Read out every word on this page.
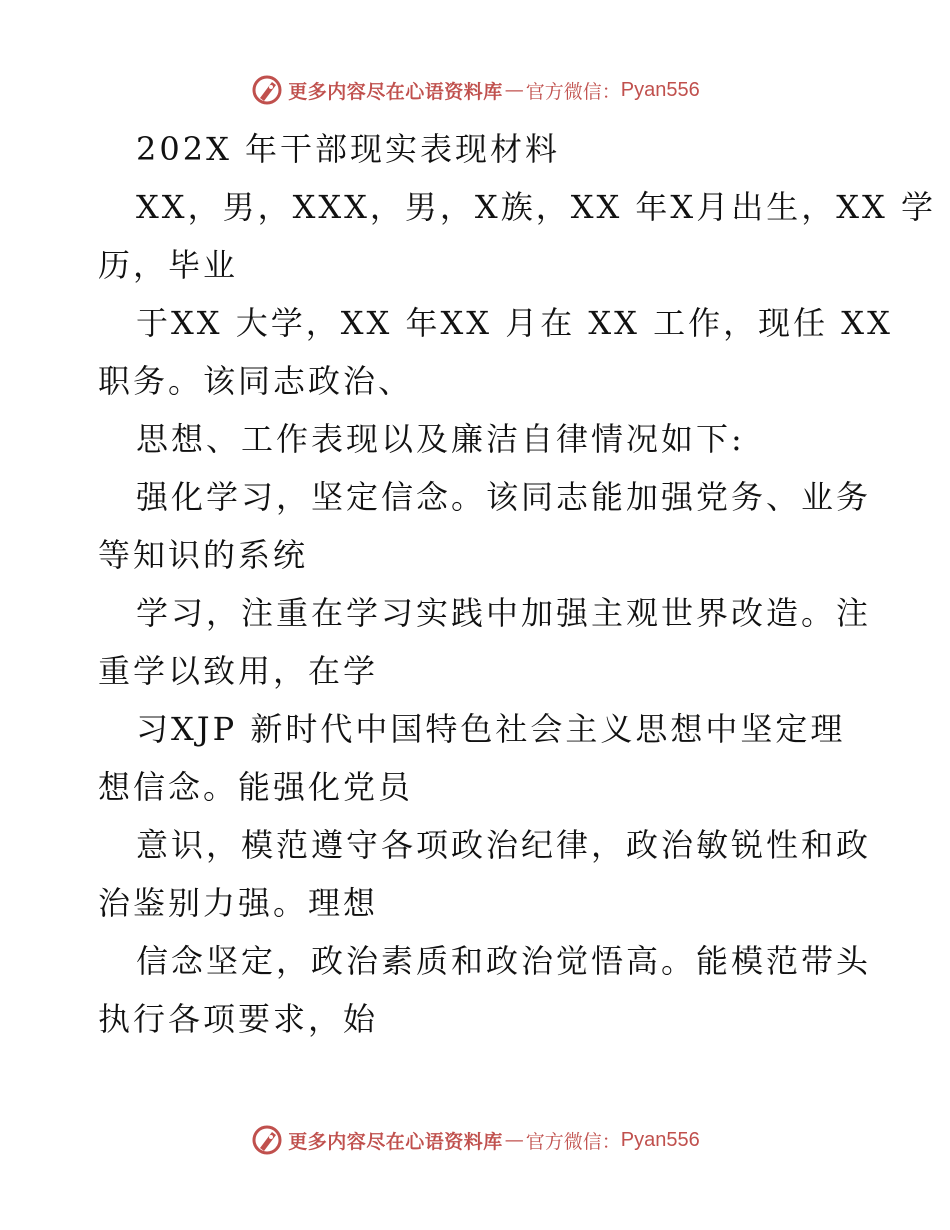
更多内容尽在心语资料库 — 官方微信： Pyan556
202X 年干部现实表现材料
XX，男，XXX，男，X族，XX 年X月出生，XX 学
历，毕业
于XX 大学，XX 年XX 月在 XX 工作，现任 XX
职务。该同志政治、
思想、工作表现以及廉洁自律情况如下:
强化学习，坚定信念。该同志能加强党务、业务
等知识的系统
学习，注重在学习实践中加强主观世界改造。注
重学以致用，在学
习XJP 新时代中国特色社会主义思想中坚定理
想信念。能强化党员
意识，模范遵守各项政治纪律，政治敏锐性和政
治鉴别力强。理想
信念坚定，政治素质和政治觉悟高。能模范带头
执行各项要求，始
更多内容尽在心语资料库 — 官方微信： Pyan556
